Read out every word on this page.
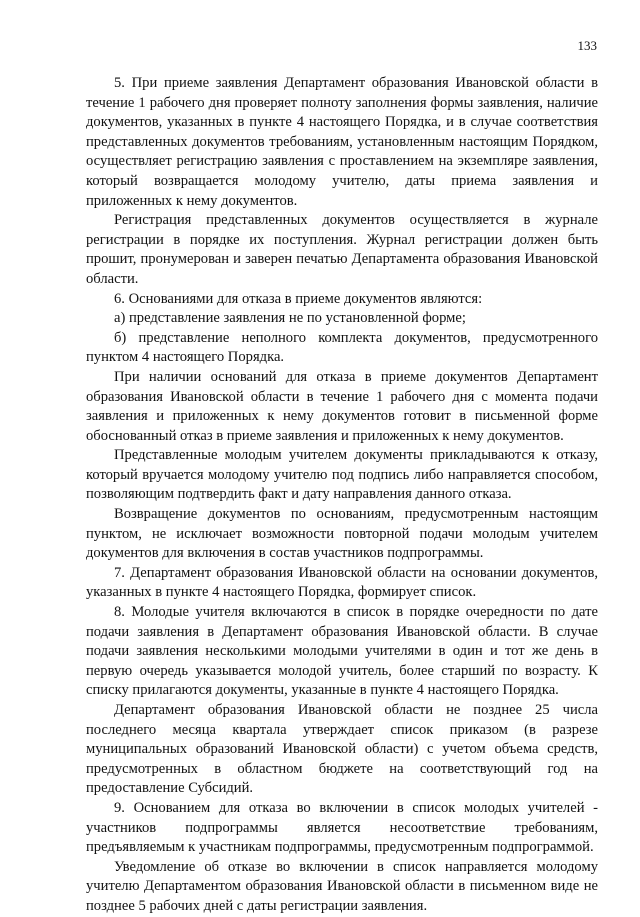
133

5. При приеме заявления Департамент образования Ивановской области в течение 1 рабочего дня проверяет полноту заполнения формы заявления, наличие документов, указанных в пункте 4 настоящего Порядка, и в случае соответствия представленных документов требованиям, установленным настоящим Порядком, осуществляет регистрацию заявления с проставлением на экземпляре заявления, который возвращается молодому учителю, даты приема заявления и приложенных к нему документов.

Регистрация представленных документов осуществляется в журнале регистрации в порядке их поступления. Журнал регистрации должен быть прошит, пронумерован и заверен печатью Департамента образования Ивановской области.

6. Основаниями для отказа в приеме документов являются:

а) представление заявления не по установленной форме;

б) представление неполного комплекта документов, предусмотренного пунктом 4 настоящего Порядка.

При наличии оснований для отказа в приеме документов Департамент образования Ивановской области в течение 1 рабочего дня с момента подачи заявления и приложенных к нему документов готовит в письменной форме обоснованный отказ в приеме заявления и приложенных к нему документов.

Представленные молодым учителем документы прикладываются к отказу, который вручается молодому учителю под подпись либо направляется способом, позволяющим подтвердить факт и дату направления данного отказа.

Возвращение документов по основаниям, предусмотренным настоящим пунктом, не исключает возможности повторной подачи молодым учителем документов для включения в состав участников подпрограммы.

7. Департамент образования Ивановской области на основании документов, указанных в пункте 4 настоящего Порядка, формирует список.

8. Молодые учителя включаются в список в порядке очередности по дате подачи заявления в Департамент образования Ивановской области. В случае подачи заявления несколькими молодыми учителями в один и тот же день в первую очередь указывается молодой учитель, более старший по возрасту. К списку прилагаются документы, указанные в пункте 4 настоящего Порядка.

Департамент образования Ивановской области не позднее 25 числа последнего месяца квартала утверждает список приказом (в разрезе муниципальных образований Ивановской области) с учетом объема средств, предусмотренных в областном бюджете на соответствующий год на предоставление Субсидий.

9. Основанием для отказа во включении в список молодых учителей - участников подпрограммы является несоответствие требованиям, предъявляемым к участникам подпрограммы, предусмотренным подпрограммой.

Уведомление об отказе во включении в список направляется молодому учителю Департаментом образования Ивановской области в письменном виде не позднее 5 рабочих дней с даты регистрации заявления.
